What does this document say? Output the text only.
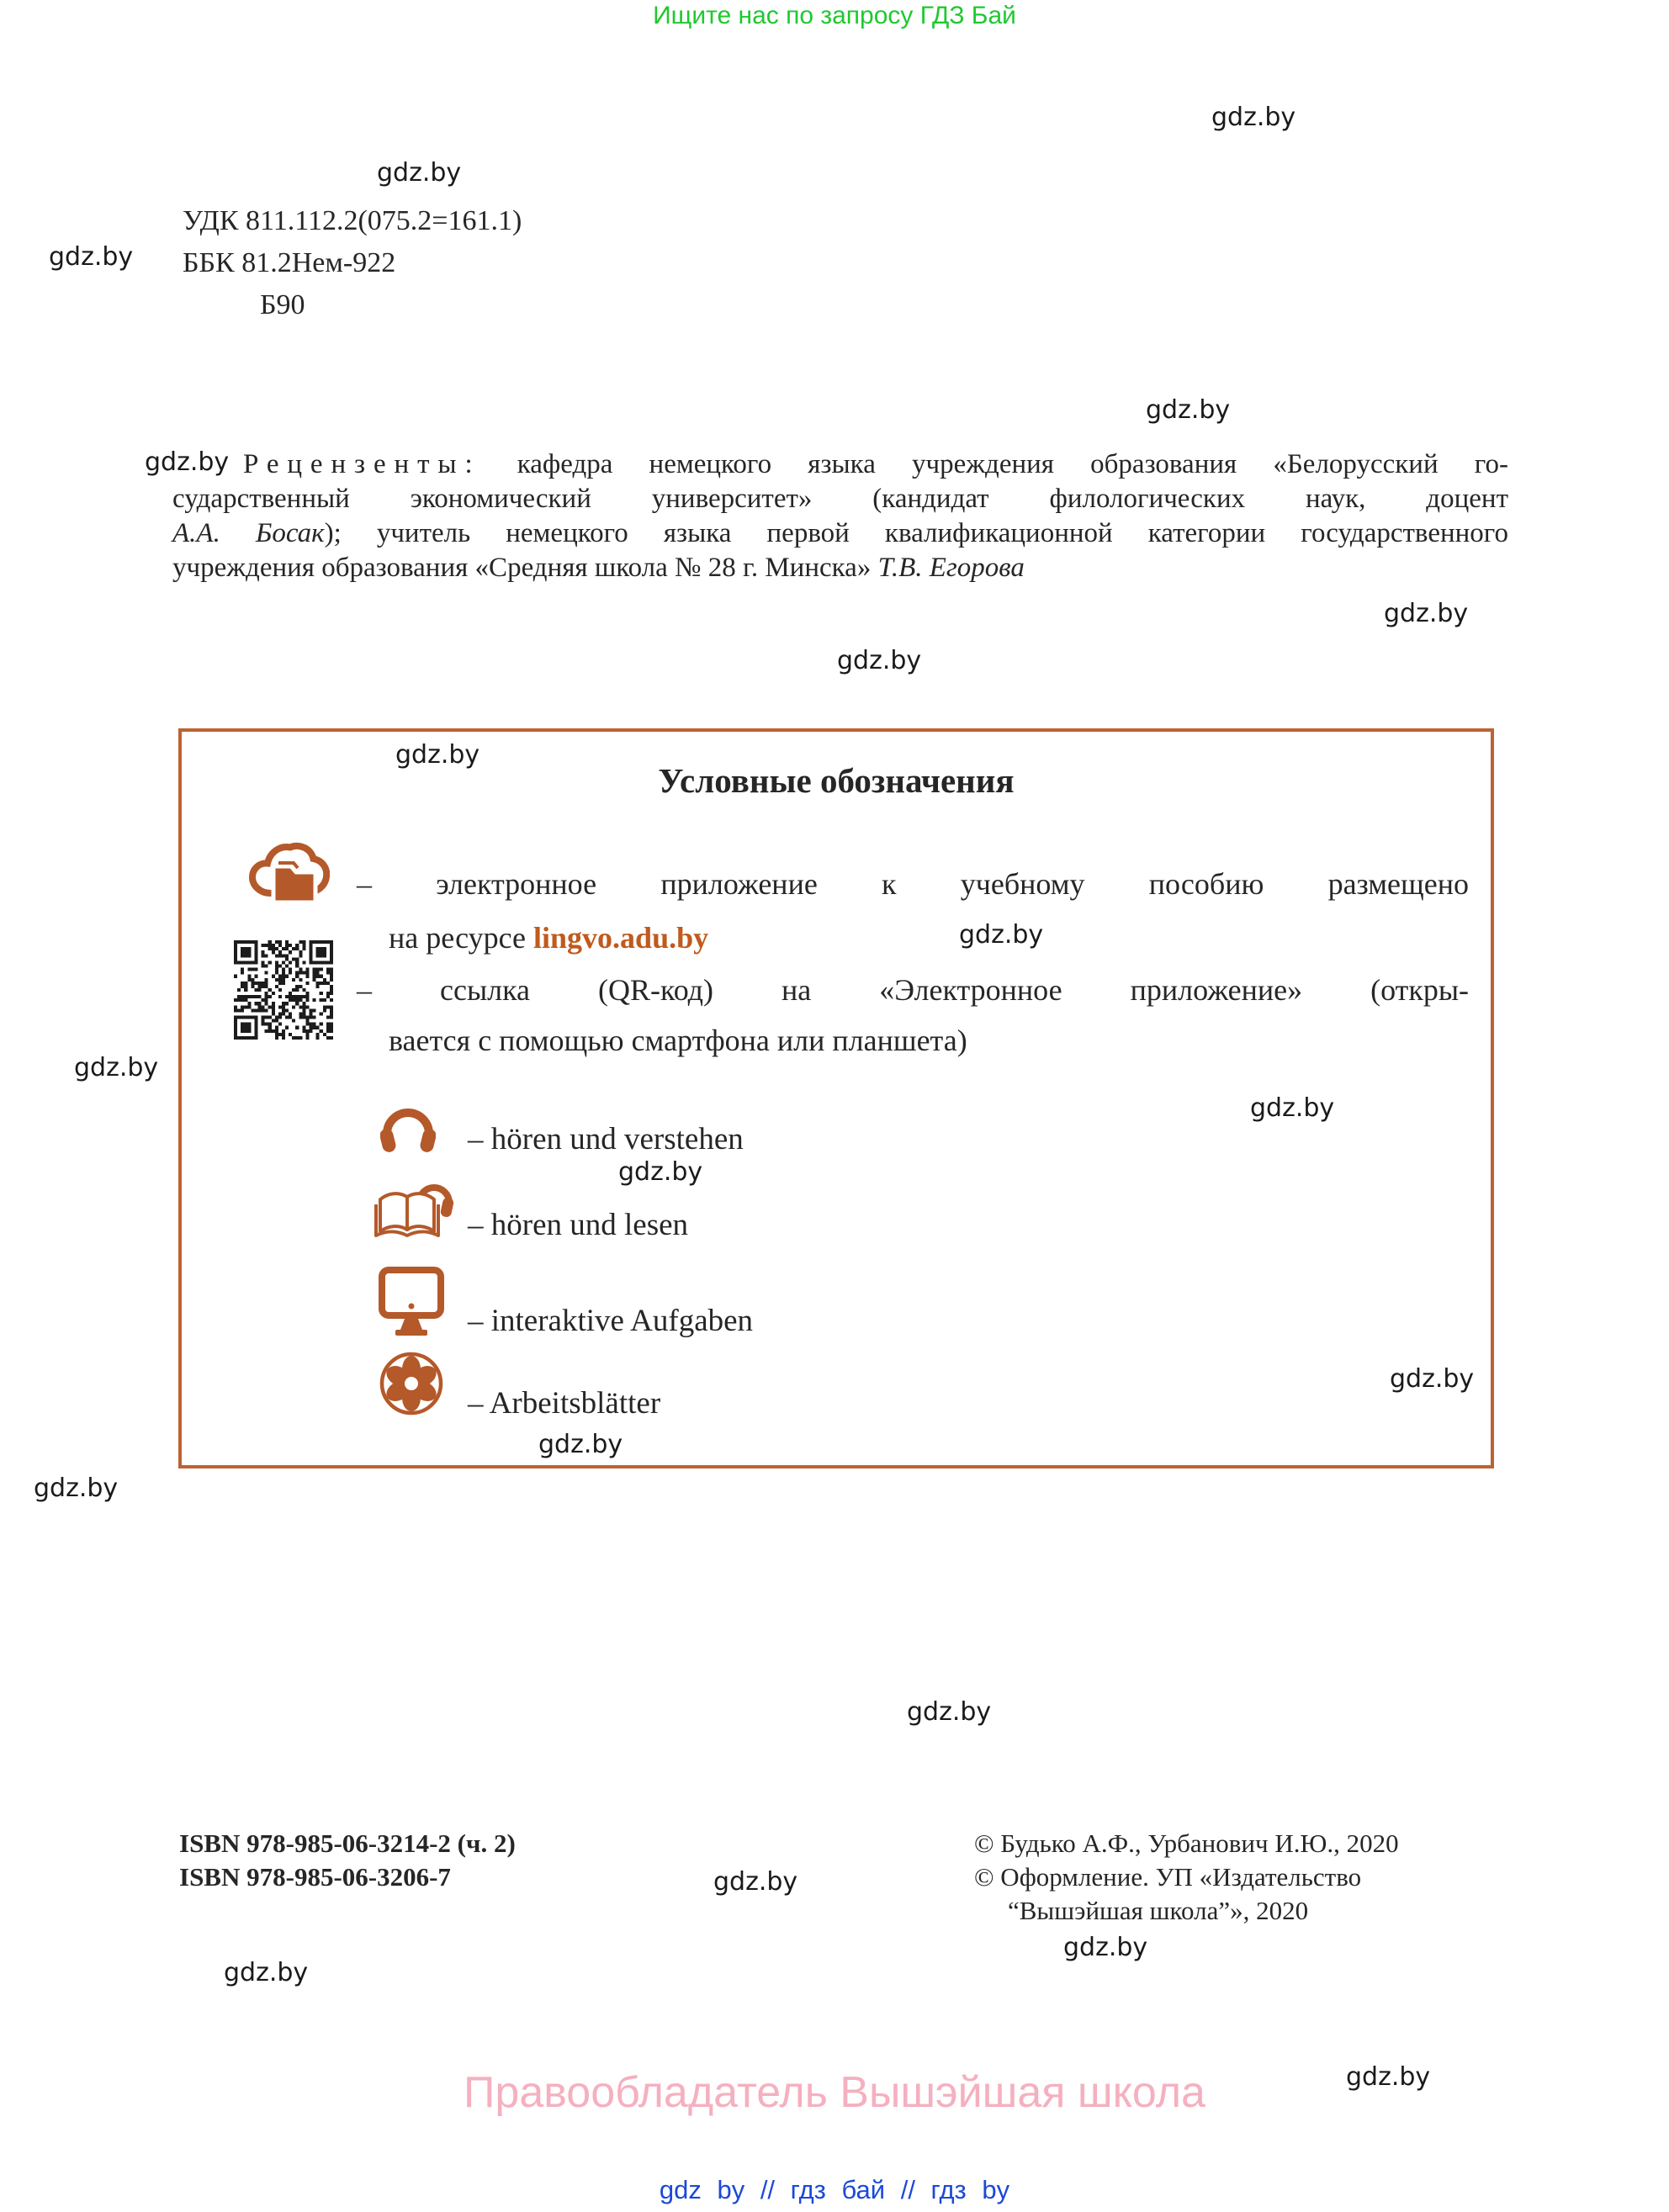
Ищите нас по запросу ГДЗ Бай
gdz.by
gdz.by
gdz.by
gdz.by
gdz.by
gdz.by
gdz.by
gdz.by
gdz.by
gdz.by
gdz.by
gdz.by
gdz.by
gdz.by
gdz.by
gdz.by
gdz.by
gdz.by
gdz.by
gdz.by
УДК 811.112.2(075.2=161.1)
ББК 81.2Нем-922
Б90
Рецензенты: кафедра немецкого языка учреждения образования «Белорусский го-
сударственный экономический университет» (кандидат филологических наук, доцент
А.А. Босак); учитель немецкого языка первой квалификационной категории государственного
учреждения образования «Средняя школа № 28 г. Минска» Т.В. Егорова
Условные обозначения
– электронное приложение к учебному пособию размещено
на ресурсе lingvo.adu.by
– ссылка (QR-код) на «Электронное приложение» (откры-
вается с помощью смартфона или планшета)
– hören und verstehen
– hören und lesen
– interaktive Aufgaben
– Arbeitsblätter
ISBN 978-985-06-3214-2 (ч. 2)
ISBN 978-985-06-3206-7
© Будько А.Ф., Урбанович И.Ю., 2020
© Оформление. УП «Издательство
“Вышэйшая школа”», 2020
Правообладатель Вышэйшая школа
gdz by // гдз бай // гдз by
